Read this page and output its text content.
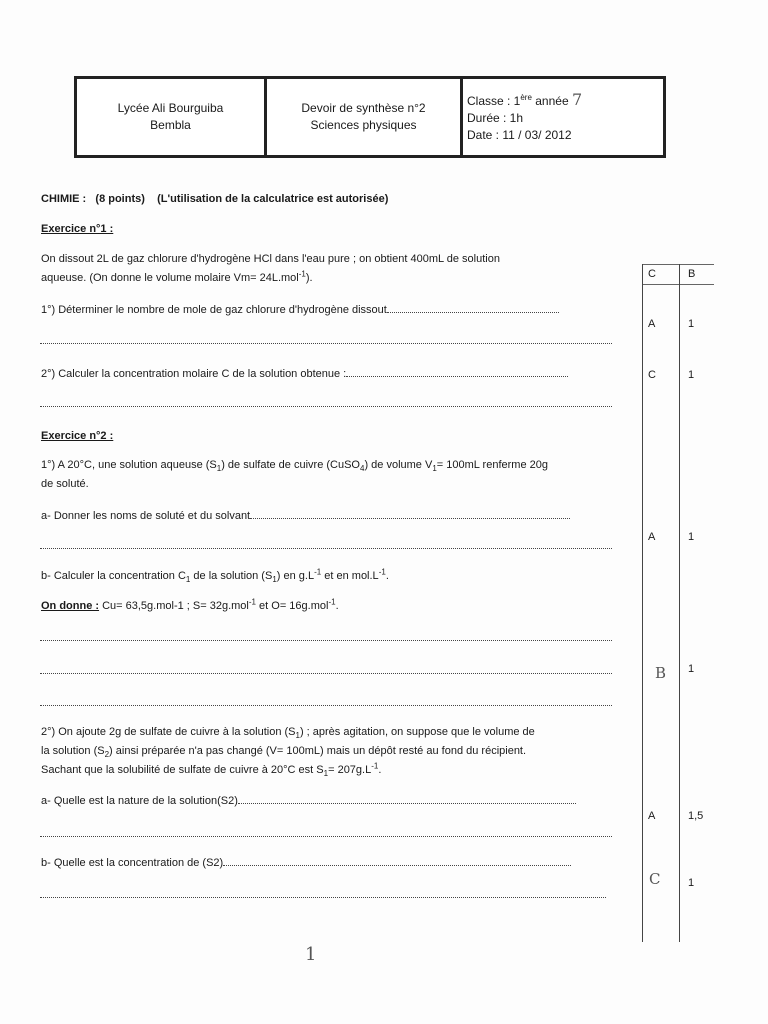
Lycée Ali Bourguiba
Bembla
Devoir de synthèse n°2
Sciences physiques
Classe : 1ère année 7
Durée : 1h
Date : 11 / 03/ 2012
CHIMIE : (8 points) (L'utilisation de la calculatrice est autorisée)
Exercice n°1 :
On dissout 2L de gaz chlorure d'hydrogène HCl dans l'eau pure ; on obtient 400mL de solution
aqueuse. (On donne le volume molaire Vm= 24L.mol$^{-1}$).
1°) Déterminer le nombre de mole de gaz chlorure d'hydrogène dissout
2°) Calculer la concentration molaire C de la solution obtenue :
Exercice n°2 :
1°) A 20°C, une solution aqueuse $(S_1)$ de sulfate de cuivre (CuSO$_4$) de volume $V_1= 100mL$ renferme 20g
de soluté.
a- Donner les noms de soluté et du solvant
b- Calculer la concentration $C_1$ de la solution $(S_1)$ en $g.L^{-1}$ et en $mol.L^{-1}$.
On donne : Cu= 63,5g.mol-1 ; S= 32g.mol$^{-1}$ et O= 16g.mol$^{-1}$.
2°) On ajoute 2g de sulfate de cuivre à la solution $(S_1)$ ; après agitation, on suppose que le volume de
la solution $(S_2)$ ainsi préparée n'a pas changé (V= 100mL) mais un dépôt resté au fond du récipient.
Sachant que la solubilité de sulfate de cuivre à 20°C est $S_1= 207g.L^{-1}$.
a- Quelle est la nature de la solution(S2)
b- Quelle est la concentration de (S2)
C	B
A	1
C	1
A	1
B 1
A	1,5
C	1
1
